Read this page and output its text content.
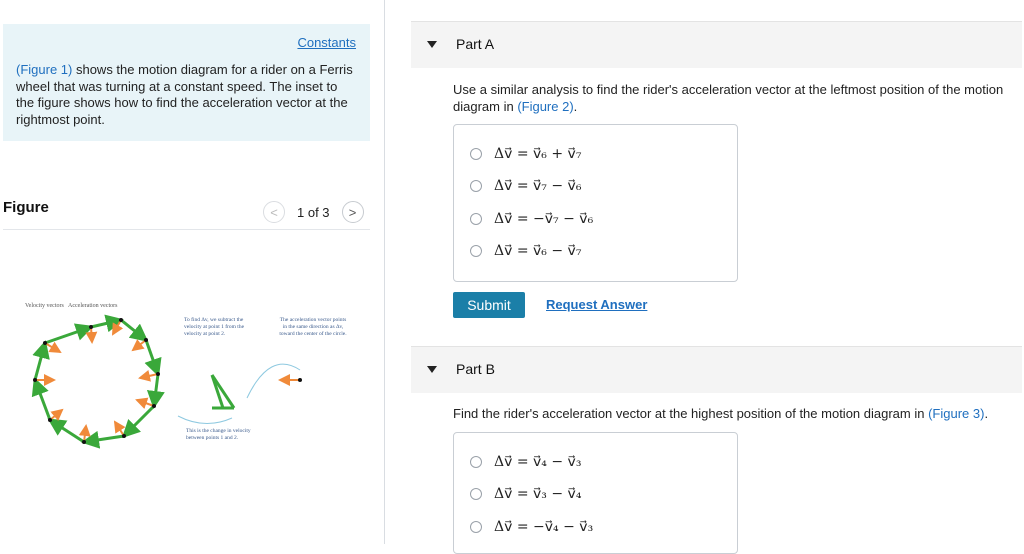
Constants
(Figure 1) shows the motion diagram for a rider on a Ferris wheel that was turning at a constant speed. The inset to the figure shows how to find the acceleration vector at the rightmost point.
Figure	< 1 of 3 >
Velocity vectors Acceleration vectors
To find Δv, we subtract the velocity at point 1 from the velocity at point 2.
The acceleration vector points in the same direction as Δv, toward the center of the circle.
This is the change in velocity between points 1 and 2.
Part A
Use a similar analysis to find the rider's acceleration vector at the leftmost position of the motion diagram in (Figure 2).
Δv⃗ = v⃗₆ + v⃗₇
Δv⃗ = v⃗₇ − v⃗₆
Δv⃗ = −v⃗₇ − v⃗₆
Δv⃗ = v⃗₆ − v⃗₇
Submit	Request Answer
Part B
Find the rider's acceleration vector at the highest position of the motion diagram in (Figure 3).
Δv⃗ = v⃗₄ − v⃗₃
Δv⃗ = v⃗₃ − v⃗₄
Δv⃗ = −v⃗₄ − v⃗₃
